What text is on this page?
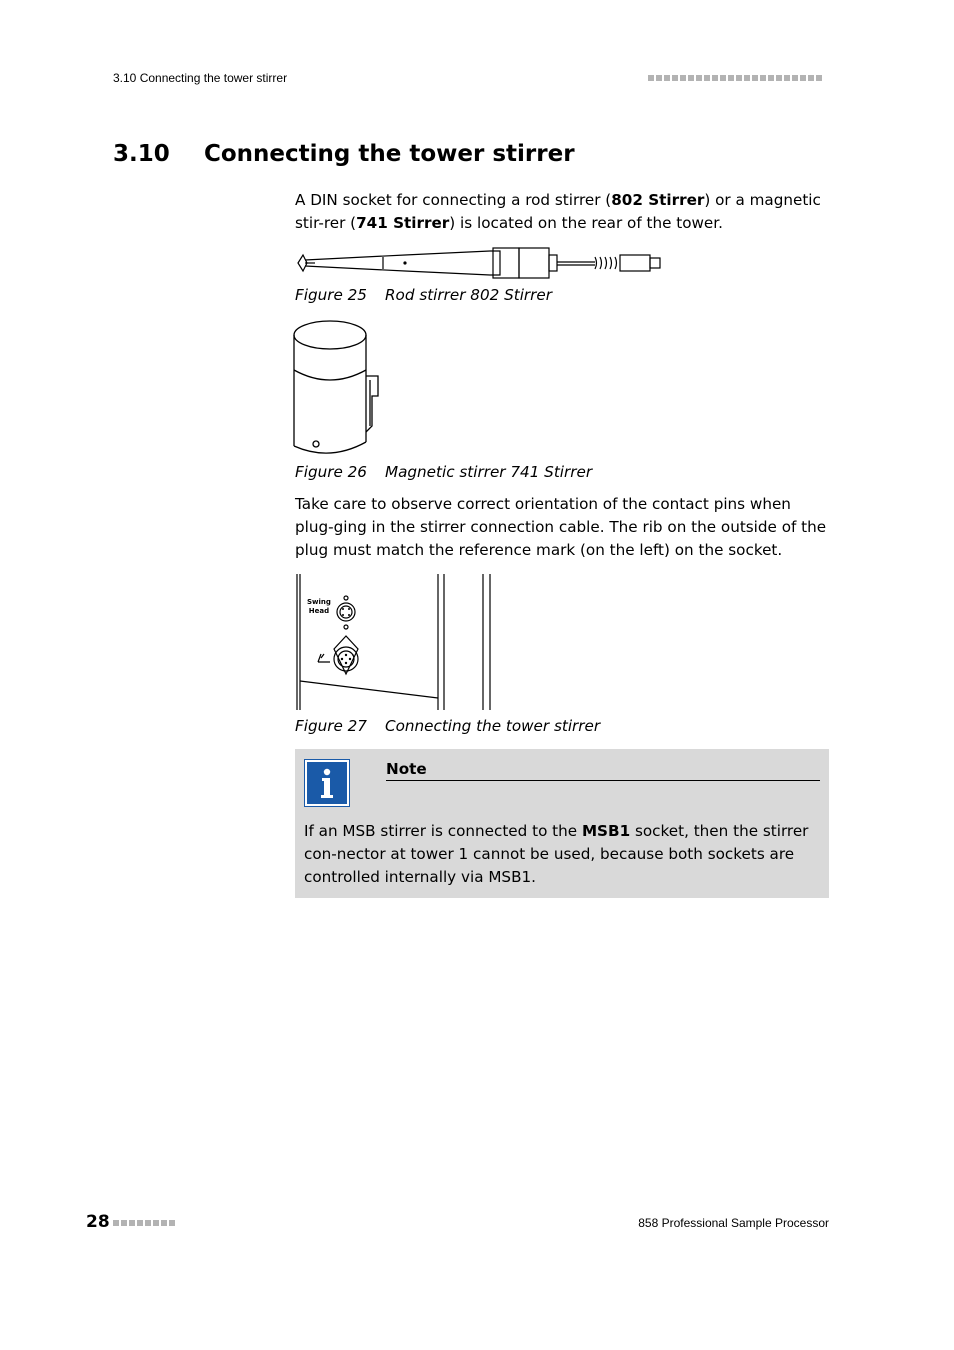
3.10 Connecting the tower stirrer
3.10 Connecting the tower stirrer
A DIN socket for connecting a rod stirrer (802 Stirrer) or a magnetic stir-rer (741 Stirrer) is located on the rear of the tower.
Figure 25 Rod stirrer 802 Stirrer
Figure 26 Magnetic stirrer 741 Stirrer
Take care to observe correct orientation of the contact pins when plug-ging in the stirrer connection cable. The rib on the outside of the plug must match the reference mark (on the left) on the socket.
Swing
Head
Figure 27 Connecting the tower stirrer
Note
If an MSB stirrer is connected to the MSB1 socket, then the stirrer con-nector at tower 1 cannot be used, because both sockets are controlled internally via MSB1.
28	858 Professional Sample Processor
